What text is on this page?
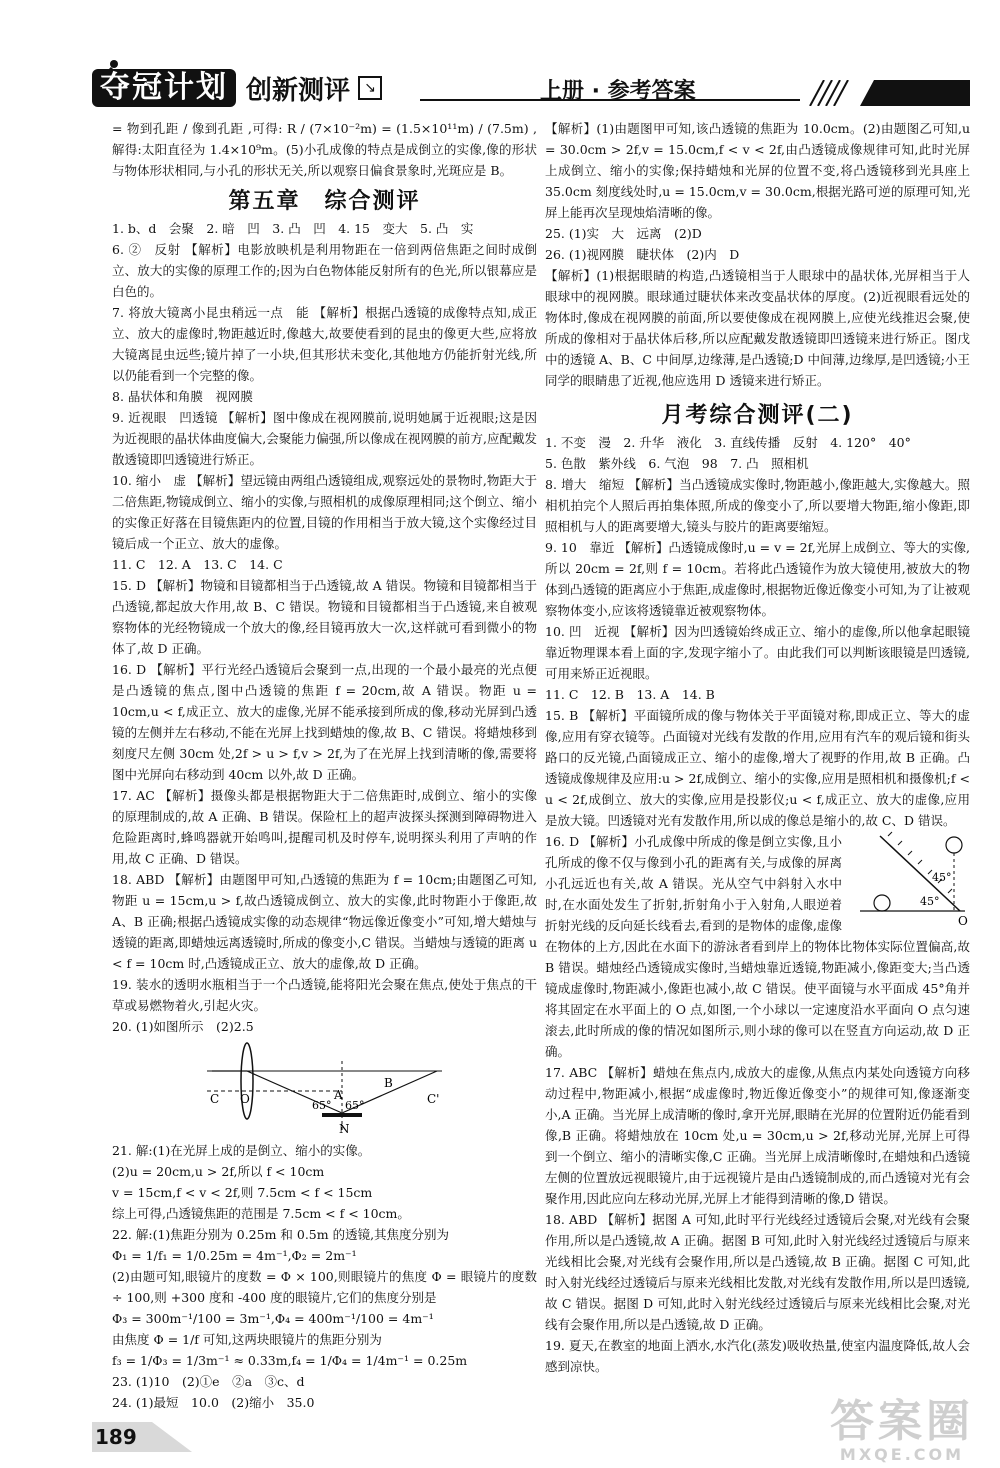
夺冠计划 创新测评	↘	上册 · 参考答案

= 物到孔距 / 像到孔距 ,可得: R / (7×10⁻²m) = (1.5×10¹¹m) / (7.5m) ,解得:太阳直径为 1.4×10⁹m。(5)小孔成像的特点是成倒立的实像,像的形状与物体形状相同,与小孔的形状无关,所以观察日偏食景象时,光斑应是 B。

第五章　综合测评

1. b、d　会聚　2. 暗　凹　3. 凸　凹　4. 15　变大　5. 凸　实

6. ②　反射 【解析】电影放映机是利用物距在一倍到两倍焦距之间时成倒立、放大的实像的原理工作的;因为白色物体能反射所有的色光,所以银幕应是白色的。

7. 将放大镜离小昆虫稍远一点　能 【解析】根据凸透镜的成像特点知,成正立、放大的虚像时,物距越近时,像越大,故要使看到的昆虫的像更大些,应将放大镜离昆虫远些;镜片掉了一小块,但其形状未变化,其他地方仍能折射光线,所以仍能看到一个完整的像。

8. 晶状体和角膜　视网膜

9. 近视眼　凹透镜 【解析】图中像成在视网膜前,说明她属于近视眼;这是因为近视眼的晶状体曲度偏大,会聚能力偏强,所以像成在视网膜的前方,应配戴发散透镜即凹透镜进行矫正。

10. 缩小　虚 【解析】望远镜由两组凸透镜组成,观察远处的景物时,物距大于二倍焦距,物镜成倒立、缩小的实像,与照相机的成像原理相同;这个倒立、缩小的实像正好落在目镜焦距内的位置,目镜的作用相当于放大镜,这个实像经过目镜后成一个正立、放大的虚像。

11. C　12. A　13. C　14. C

15. D 【解析】物镜和目镜都相当于凸透镜,故 A 错误。物镜和目镜都相当于凸透镜,都起放大作用,故 B、C 错误。物镜和目镜都相当于凸透镜,来自被观察物体的光经物镜成一个放大的像,经目镜再放大一次,这样就可看到微小的物体了,故 D 正确。

16. D 【解析】平行光经凸透镜后会聚到一点,出现的一个最小最亮的光点便是凸透镜的焦点,图中凸透镜的焦距 f = 20cm,故 A 错误。物距 u = 10cm,u < f,成正立、放大的虚像,光屏不能承接到所成的像,移动光屏到凸透镜的左侧并左右移动,不能在光屏上找到蜡烛的像,故 B、C 错误。将蜡烛移到刻度尺左侧 30cm 处,2f > u > f,v > 2f,为了在光屏上找到清晰的像,需要将图中光屏向右移动到 40cm 以外,故 D 正确。

17. AC 【解析】摄像头都是根据物距大于二倍焦距时,成倒立、缩小的实像的原理制成的,故 A 正确、B 错误。保险杠上的超声波探头探测到障碍物进入危险距离时,蜂鸣器就开始鸣叫,提醒司机及时停车,说明探头利用了声呐的作用,故 C 正确、D 错误。

18. ABD 【解析】由题图甲可知,凸透镜的焦距为 f = 10cm;由题图乙可知,物距 u = 15cm,u > f,故凸透镜成倒立、放大的实像,此时物距小于像距,故 A、B 正确;根据凸透镜成实像的动态规律“物远像近像变小”可知,增大蜡烛与透镜的距离,即蜡烛远离透镜时,所成的像变小,C 错误。当蜡烛与透镜的距离 u < f = 10cm 时,凸透镜成正立、放大的虚像,故 D 正确。

19. 装水的透明水瓶相当于一个凸透镜,能将阳光会聚在焦点,使处于焦点的干草或易燃物着火,引起火灾。

20. (1)如图所示　(2)2.5

C O	A
B
C'
N
65° 65°

21. 解:(1)在光屏上成的是倒立、缩小的实像。

(2)u = 20cm,u > 2f,所以 f < 10cm

v = 15cm,f < v < 2f,则 7.5cm < f < 15cm

综上可得,凸透镜焦距的范围是 7.5cm < f < 10cm。

22. 解:(1)焦距分别为 0.25m 和 0.5m 的透镜,其焦度分别为

Φ₁ = 1/f₁ = 1/0.25m = 4m⁻¹,Φ₂ = 2m⁻¹

(2)由题可知,眼镜片的度数 = Φ × 100,则眼镜片的焦度 Φ = 眼镜片的度数 ÷ 100,则 +300 度和 -400 度的眼镜片,它们的焦度分别是

Φ₃ = 300m⁻¹/100 = 3m⁻¹,Φ₄ = 400m⁻¹/100 = 4m⁻¹

由焦度 Φ = 1/f 可知,这两块眼镜片的焦距分别为

f₃ = 1/Φ₃ = 1/3m⁻¹ ≈ 0.33m,f₄ = 1/Φ₄ = 1/4m⁻¹ = 0.25m

23. (1)10　(2)①e　②a　③c、d

24. (1)最短　10.0　(2)缩小　35.0

【解析】(1)由题图甲可知,该凸透镜的焦距为 10.0cm。(2)由题图乙可知,u = 30.0cm > 2f,v = 15.0cm,f < v < 2f,由凸透镜成像规律可知,此时光屏上成倒立、缩小的实像;保持蜡烛和光屏的位置不变,将凸透镜移到光具座上 35.0cm 刻度线处时,u = 15.0cm,v = 30.0cm,根据光路可逆的原理可知,光屏上能再次呈现烛焰清晰的像。

25. (1)实　大　远离　(2)D

26. (1)视网膜　睫状体　(2)内　D

【解析】(1)根据眼睛的构造,凸透镜相当于人眼球中的晶状体,光屏相当于人眼球中的视网膜。眼球通过睫状体来改变晶状体的厚度。(2)近视眼看远处的物体时,像成在视网膜的前面,所以要使像成在视网膜上,应使光线推迟会聚,使所成的像相对于晶状体后移,所以应配戴发散透镜即凹透镜来进行矫正。图戊中的透镜 A、B、C 中间厚,边缘薄,是凸透镜;D 中间薄,边缘厚,是凹透镜;小王同学的眼睛患了近视,他应选用 D 透镜来进行矫正。

月考综合测评(二)

1. 不变　漫　2. 升华　液化　3. 直线传播　反射　4. 120°　40°

5. 色散　紫外线　6. 气泡　98　7. 凸　照相机

8. 增大　缩短 【解析】当凸透镜成实像时,物距越小,像距越大,实像越大。照相机拍完个人照后再拍集体照,所成的像变小了,所以要增大物距,缩小像距,即照相机与人的距离要增大,镜头与胶片的距离要缩短。

9. 10　靠近 【解析】凸透镜成像时,u = v = 2f,光屏上成倒立、等大的实像,所以 20cm = 2f,则 f = 10cm。若将此凸透镜作为放大镜使用,被放大的物体到凸透镜的距离应小于焦距,成虚像时,根据物近像近像变小可知,为了让被观察物体变小,应该将透镜靠近被观察物体。

10. 凹　近视 【解析】因为凹透镜始终成正立、缩小的虚像,所以他拿起眼镜靠近物理课本看上面的字,发现字缩小了。由此我们可以判断该眼镜是凹透镜,可用来矫正近视眼。

11. C　12. B　13. A　14. B

15. B 【解析】平面镜所成的像与物体关于平面镜对称,即成正立、等大的虚像,应用有穿衣镜等。凸面镜对光线有发散的作用,应用有汽车的观后镜和街头路口的反光镜,凸面镜成正立、缩小的虚像,增大了视野的作用,故 B 正确。凸透镜成像规律及应用:u > 2f,成倒立、缩小的实像,应用是照相机和摄像机;f < u < 2f,成倒立、放大的实像,应用是投影仪;u < f,成正立、放大的虚像,应用是放大镜。凹透镜对光有发散作用,所以成的像总是缩小的,故 C、D 错误。

45°
45°
O
16. D 【解析】小孔成像中所成的像是倒立实像,且小孔所成的像不仅与像到小孔的距离有关,与成像的屏离小孔远近也有关,故 A 错误。光从空气中斜射入水中时,在水面处发生了折射,折射角小于入射角,人眼逆着折射光线的反向延长线看去,看到的是物体的虚像,虚像在物体的上方,因此在水面下的游泳者看到岸上的物体比物体实际位置偏高,故 B 错误。蜡烛经凸透镜成实像时,当蜡烛靠近透镜,物距减小,像距变大;当凸透镜成虚像时,物距减小,像距也减小,故 C 错误。使平面镜与水平面成 45°角并将其固定在水平面上的 O 点,如图,一个小球以一定速度沿水平面向 O 点匀速滚去,此时所成的像的情况如图所示,则小球的像可以在竖直方向运动,故 D 正确。

17. ABC 【解析】蜡烛在焦点内,成放大的虚像,从焦点内某处向透镜方向移动过程中,物距减小,根据“成虚像时,物近像近像变小”的规律可知,像逐渐变小,A 正确。当光屏上成清晰的像时,拿开光屏,眼睛在光屏的位置附近仍能看到像,B 正确。将蜡烛放在 10cm 处,u = 30cm,u > 2f,移动光屏,光屏上可得到一个倒立、缩小的清晰实像,C 正确。当光屏上成清晰像时,在蜡烛和凸透镜左侧的位置放远视眼镜片,由于远视镜片是由凸透镜制成的,而凸透镜对光有会聚作用,因此应向左移动光屏,光屏上才能得到清晰的像,D 错误。

18. ABD 【解析】据图 A 可知,此时平行光线经过透镜后会聚,对光线有会聚作用,所以是凸透镜,故 A 正确。据图 B 可知,此时入射光线经过透镜后与原来光线相比会聚,对光线有会聚作用,所以是凸透镜,故 B 正确。据图 C 可知,此时入射光线经过透镜后与原来光线相比发散,对光线有发散作用,所以是凹透镜,故 C 错误。据图 D 可知,此时入射光线经过透镜后与原来光线相比会聚,对光线有会聚作用,所以是凸透镜,故 D 正确。

19. 夏天,在教室的地面上洒水,水汽化(蒸发)吸收热量,使室内温度降低,故人会感到凉快。

189	答案圈
MXQE.COM
